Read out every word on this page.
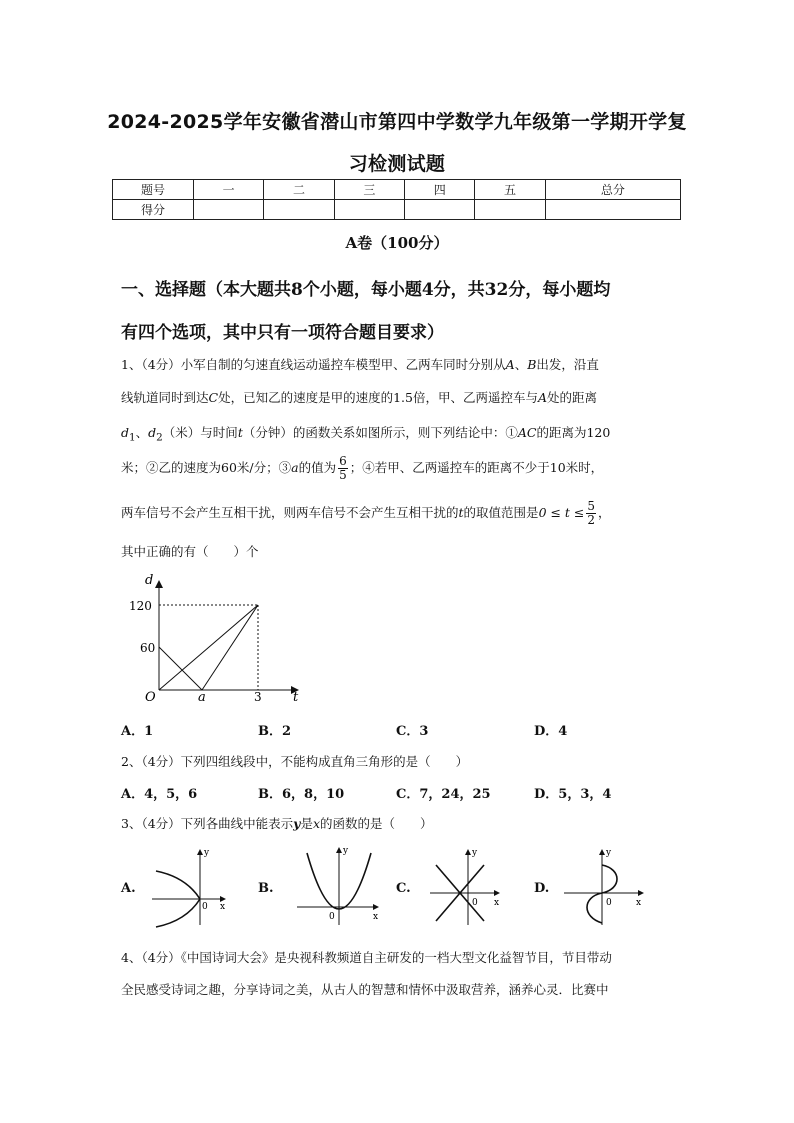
2024-2025学年安徽省潜山市第四中学数学九年级第一学期开学复
习检测试题
题号	一	二	三	四	五	总分
得分						
A卷（100分）
一、选择题（本大题共8个小题，每小题4分，共32分，每小题均
有四个选项，其中只有一项符合题目要求）
1、（4分）小军自制的匀速直线运动遥控车模型甲、乙两车同时分别从A、B出发，沿直
线轨道同时到达C处，已知乙的速度是甲的速度的1.5倍，甲、乙两遥控车与A处的距离
$d_1$、$d_2$（米）与时间t（分钟）的函数关系如图所示，则下列结论中：①AC的距离为120
米；②乙的速度为60米/分；③a的值为 $\frac{6}{5}$ ；④若甲、乙两遥控车的距离不少于10米时，
两车信号不会产生互相干扰，则两车信号不会产生互相干扰的t的取值范围是$0 \le t \le \frac{5}{2}$ ，
其中正确的有（　　）个
d
t
O
120
60
a	3
A．1	B．2	C．3	D．4
2、（4分）下列四组线段中，不能构成直角三角形的是（　　）
A．4，5，6	B．6，8，10	C．7，24，25	D．5，3，4
3、（4分）下列各曲线中能表示y是x的函数的是（　　）
A.
y
x
0
B.
y
x
0
C.
y
x
0
D.
y
x
0
4、（4分）《中国诗词大会》是央视科教频道自主研发的一档大型文化益智节目，节目带动
全民感受诗词之趣，分享诗词之美，从古人的智慧和情怀中汲取营养，涵养心灵．比赛中
